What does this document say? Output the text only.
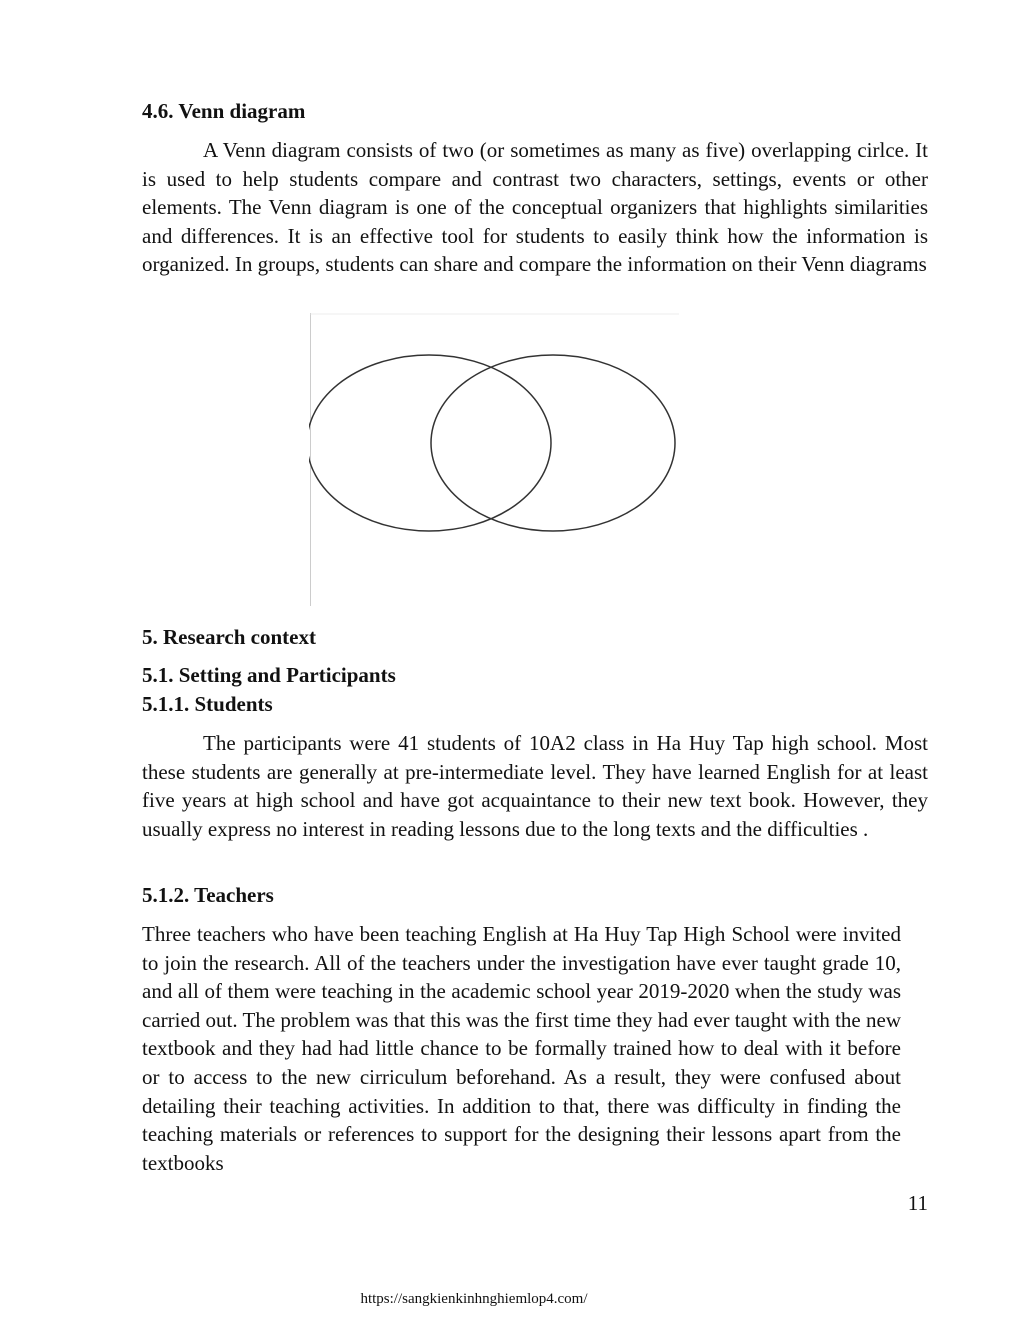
4.6. Venn diagram
A Venn diagram consists of two (or sometimes as many as five) overlapping cirlce. It is used to help students compare and contrast two characters, settings, events or other elements. The Venn diagram is one of the conceptual organizers that highlights similarities and differences. It is an effective tool for students to easily think how the information is organized. In groups, students can share and compare the information on their Venn diagrams
5. Research context
5.1. Setting and Participants
5.1.1. Students
The participants were 41 students of 10A2 class in Ha Huy Tap high school. Most these students are generally at pre-intermediate level. They have learned English for at least five years at high school and have got acquaintance to their new text book. However, they usually express no interest in reading lessons due to the long texts and the difficulties .
5.1.2. Teachers
Three teachers who have been teaching English at Ha Huy Tap High School were invited to join the research. All of the teachers under the investigation have ever taught grade 10, and all of them were teaching in the academic school year 2019-2020 when the study was carried out. The problem was that this was the first time they had ever taught with the new textbook and they had had little chance to be formally trained how to deal with it before or to access to the new cirriculum beforehand. As a result, they were confused about detailing their teaching activities. In addition to that, there was difficulty in finding the teaching materials or references to support for the designing their lessons apart from the textbooks
11
https://sangkienkinhnghiemlop4.com/
